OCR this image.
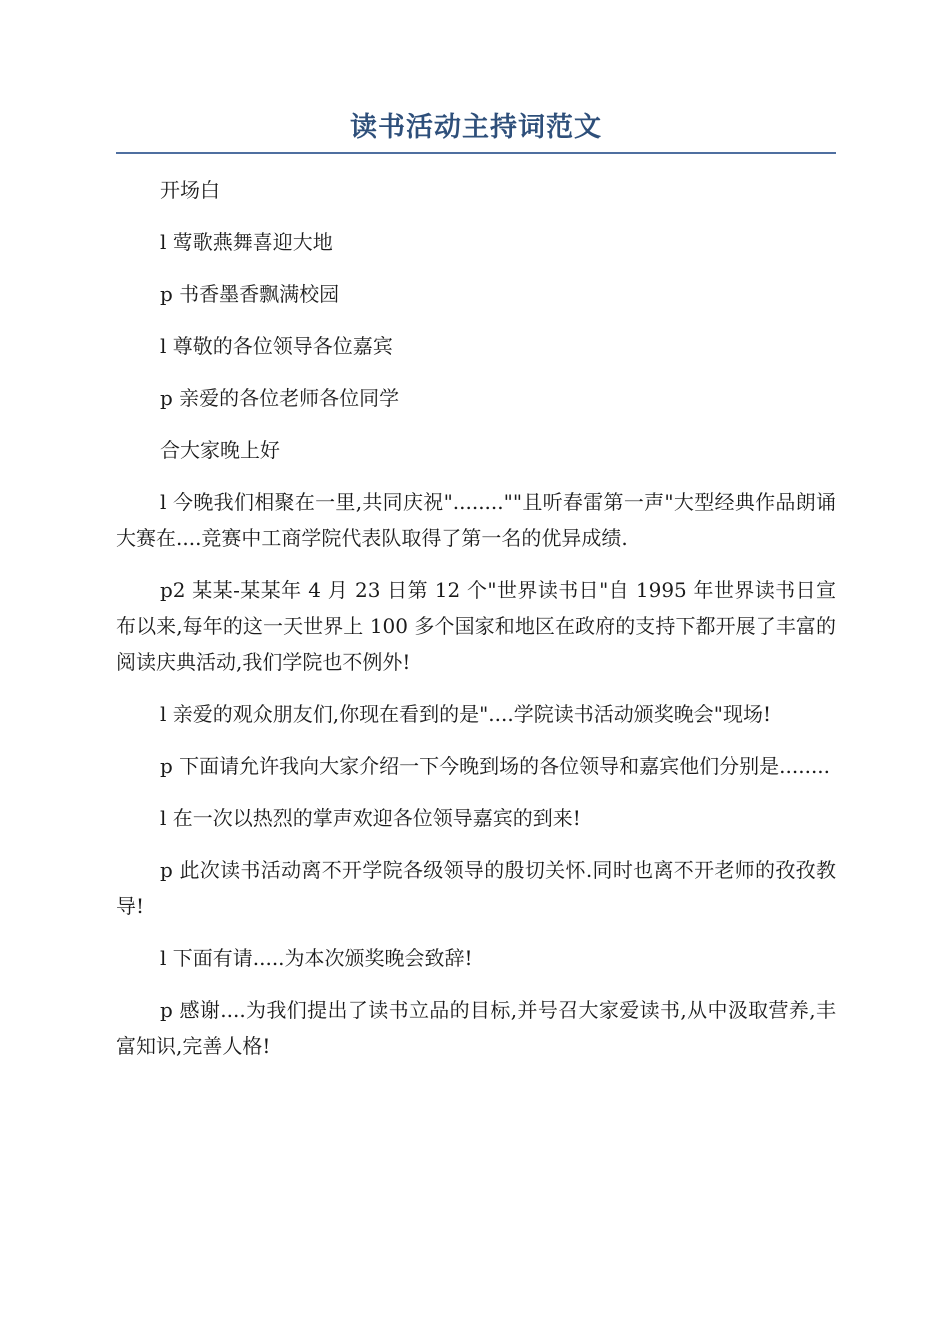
读书活动主持词范文

开场白

l 莺歌燕舞喜迎大地

p 书香墨香飘满校园

l 尊敬的各位领导各位嘉宾

p 亲爱的各位老师各位同学

合大家晚上好

l 今晚我们相聚在一里,共同庆祝"........""且听春雷第一声"大型经典作品朗诵大赛在....竞赛中工商学院代表队取得了第一名的优异成绩.

p2 某某-某某年 4 月 23 日第 12 个"世界读书日"自 1995 年世界读书日宣布以来,每年的这一天世界上 100 多个国家和地区在政府的支持下都开展了丰富的阅读庆典活动,我们学院也不例外!

l 亲爱的观众朋友们,你现在看到的是"....学院读书活动颁奖晚会"现场!

p 下面请允许我向大家介绍一下今晚到场的各位领导和嘉宾他们分别是........

l 在一次以热烈的掌声欢迎各位领导嘉宾的到来!

p 此次读书活动离不开学院各级领导的殷切关怀.同时也离不开老师的孜孜教导!

l 下面有请.....为本次颁奖晚会致辞!

p 感谢....为我们提出了读书立品的目标,并号召大家爱读书,从中汲取营养,丰富知识,完善人格!
